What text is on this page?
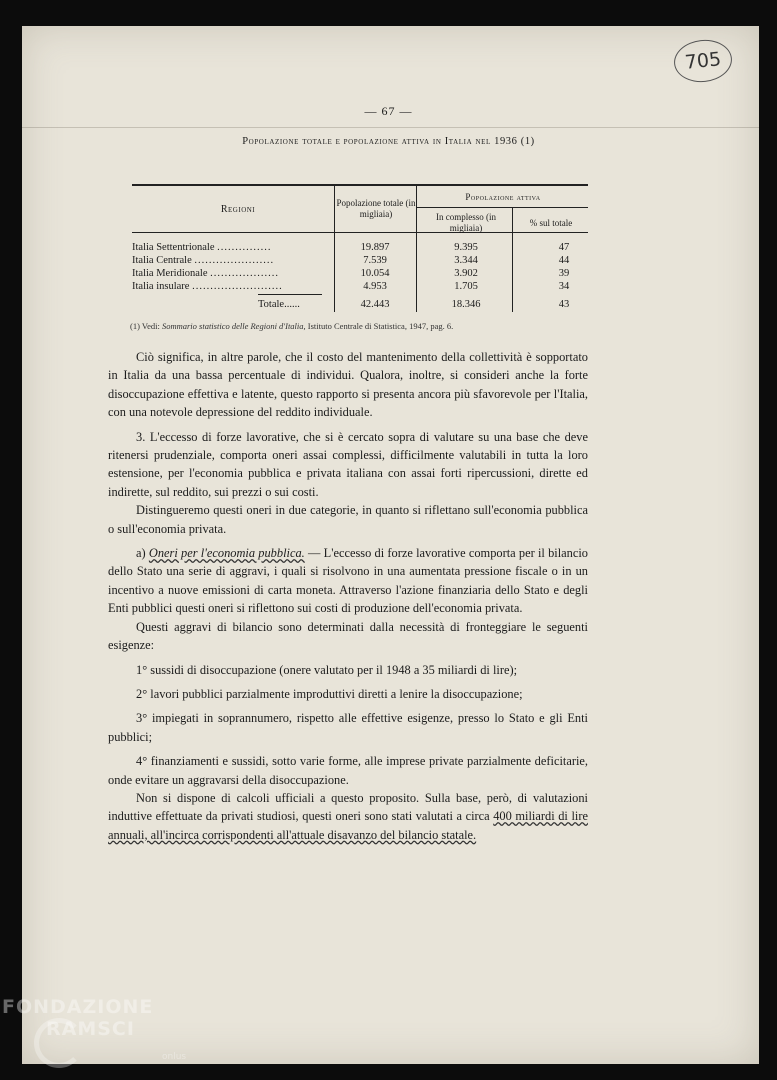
705
— 67 —
Popolazione totale e popolazione attiva in Italia nel 1936 (1)
Regioni
Popolazione totale (in migliaia)
Popolazione attiva
In complesso (in migliaia)	% sul totale
Italia Settentrionale ...............	19.897	9.395	47
Italia Centrale ......................	7.539	3.344	44
Italia Meridionale ...................	10.054	3.902	39
Italia insulare .........................	4.953	1.705	34
Totale......	42.443	18.346	43
(1) Vedi: Sommario statistico delle Regioni d'Italia, Istituto Centrale di Statistica, 1947, pag. 6.

Ciò significa, in altre parole, che il costo del mantenimento della collettività è sopportato in Italia da una bassa percentuale di individui. Qualora, inoltre, si consideri anche la forte disoccupazione effettiva e latente, questo rapporto si presenta ancora più sfavorevole per l'Italia, con una notevole depressione del reddito individuale.

3. L'eccesso di forze lavorative, che si è cercato sopra di valutare su una base che deve ritenersi prudenziale, comporta oneri assai complessi, difficilmente valutabili in tutta la loro estensione, per l'economia pubblica e privata italiana con assai forti ripercussioni, dirette ed indirette, sul reddito, sui prezzi o sui costi.

Distingueremo questi oneri in due categorie, in quanto si riflettano sull'economia pubblica o sull'economia privata.

a) Oneri per l'economia pubblica. — L'eccesso di forze lavorative comporta per il bilancio dello Stato una serie di aggravi, i quali si risolvono in una aumentata pressione fiscale o in un incentivo a nuove emissioni di carta moneta. Attraverso l'azione finanziaria dello Stato e degli Enti pubblici questi oneri si riflettono sui costi di produzione dell'economia privata.

Questi aggravi di bilancio sono determinati dalla necessità di fronteggiare le seguenti esigenze:

1° sussidi di disoccupazione (onere valutato per il 1948 a 35 miliardi di lire);

2° lavori pubblici parzialmente improduttivi diretti a lenire la disoccupazione;

3° impiegati in soprannumero, rispetto alle effettive esigenze, presso lo Stato e gli Enti pubblici;

4° finanziamenti e sussidi, sotto varie forme, alle imprese private parzialmente deficitarie, onde evitare un aggravarsi della disoccupazione.

Non si dispone di calcoli ufficiali a questo proposito. Sulla base, però, di valutazioni induttive effettuate da privati studiosi, questi oneri sono stati valutati a circa 400 miliardi di lire annuali, all'incirca corrispondenti all'attuale disavanzo del bilancio statale.

FONDAZIONE
RAMSCI
onlus
